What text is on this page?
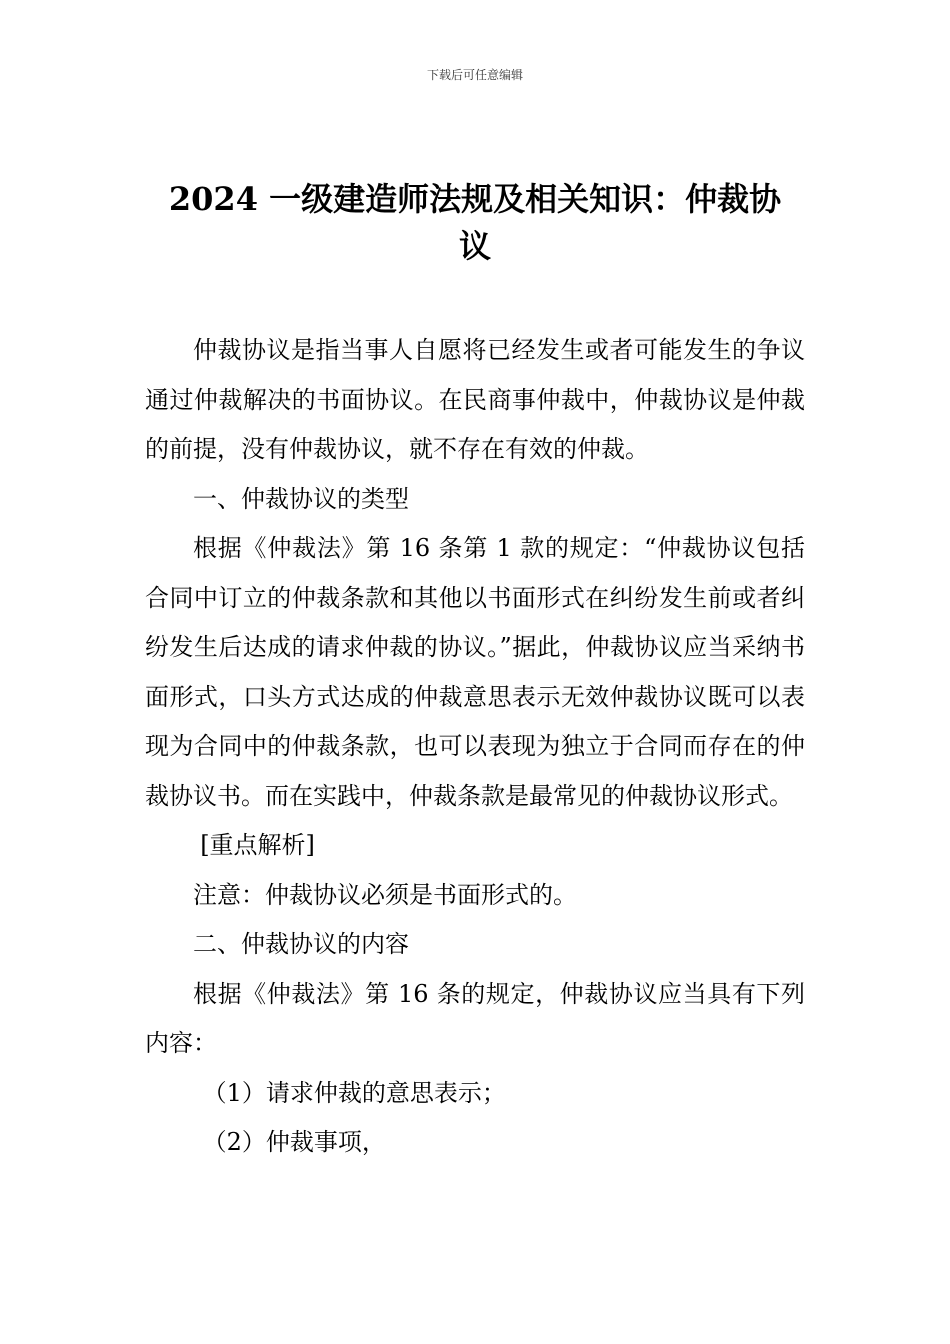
下载后可任意编辑
2024 一级建造师法规及相关知识：仲裁协
议

仲裁协议是指当事人自愿将已经发生或者可能发生的争议通过仲裁解决的书面协议。在民商事仲裁中，仲裁协议是仲裁的前提，没有仲裁协议，就不存在有效的仲裁。

一、仲裁协议的类型

根据《仲裁法》第 16 条第 1 款的规定：“仲裁协议包括合同中订立的仲裁条款和其他以书面形式在纠纷发生前或者纠纷发生后达成的请求仲裁的协议。”据此，仲裁协议应当采纳书面形式，口头方式达成的仲裁意思表示无效仲裁协议既可以表现为合同中的仲裁条款，也可以表现为独立于合同而存在的仲裁协议书。而在实践中，仲裁条款是最常见的仲裁协议形式。

[重点解析]

注意：仲裁协议必须是书面形式的。

二、仲裁协议的内容

根据《仲裁法》第 16 条的规定，仲裁协议应当具有下列内容：

（1）请求仲裁的意思表示；

（2）仲裁事项，
